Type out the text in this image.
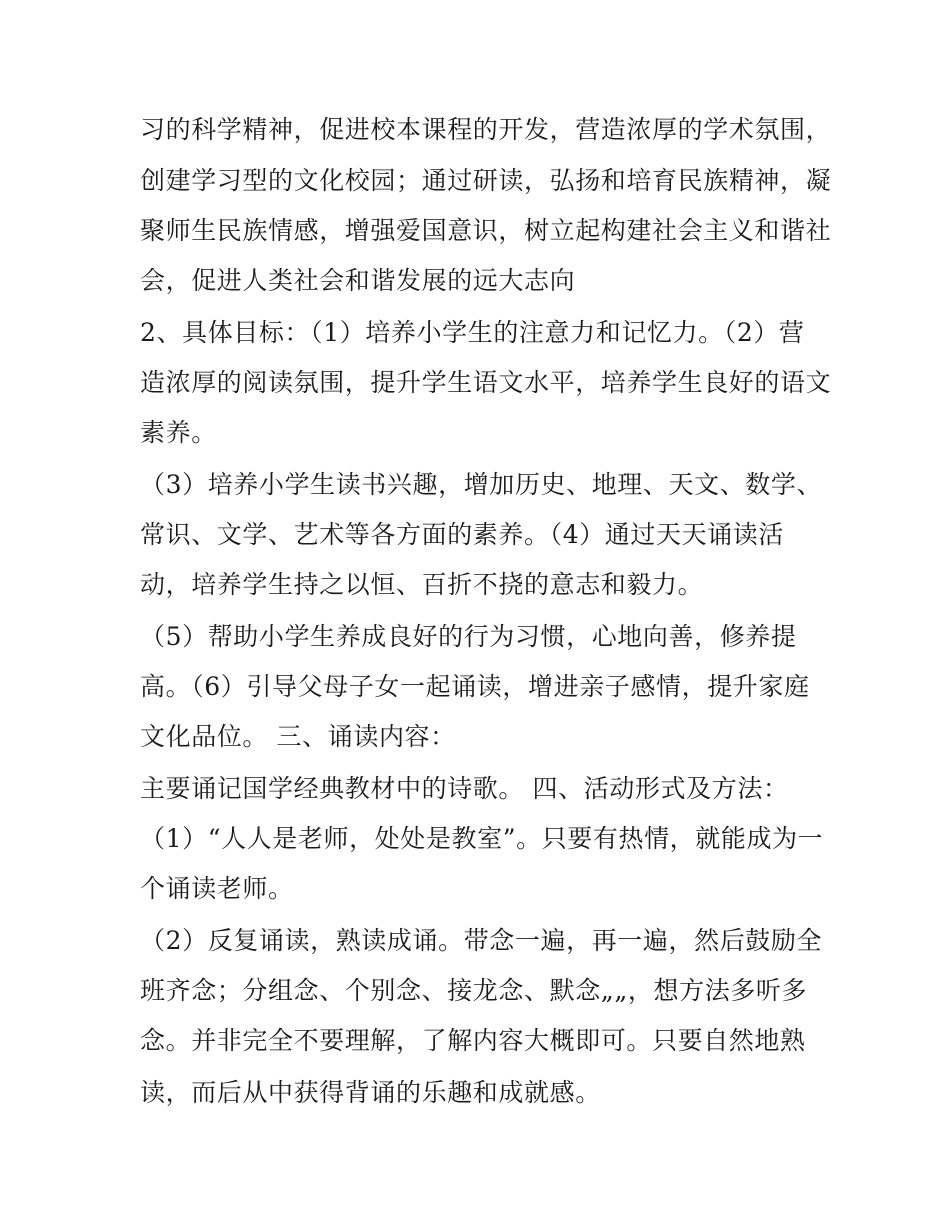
习的科学精神，促进校本课程的开发，营造浓厚的学术氛围，
创建学习型的文化校园；通过研读，弘扬和培育民族精神，凝
聚师生民族情感，增强爱国意识，树立起构建社会主义和谐社
会，促进人类社会和谐发展的远大志向
2、具体目标：（1）培养小学生的注意力和记忆力。（2）营
造浓厚的阅读氛围，提升学生语文水平，培养学生良好的语文
素养。
（3）培养小学生读书兴趣，增加历史、地理、天文、数学、
常识、文学、艺术等各方面的素养。（4）通过天天诵读活
动，培养学生持之以恒、百折不挠的意志和毅力。
（5）帮助小学生养成良好的行为习惯，心地向善，修养提
高。（6）引导父母子女一起诵读，增进亲子感情，提升家庭
文化品位。 三、诵读内容：
主要诵记国学经典教材中的诗歌。 四、活动形式及方法：
（1）“人人是老师，处处是教室”。只要有热情，就能成为一
个诵读老师。
（2）反复诵读，熟读成诵。带念一遍，再一遍，然后鼓励全
班齐念；分组念、个别念、接龙念、默念„„，想方法多听多
念。并非完全不要理解，了解内容大概即可。只要自然地熟
读，而后从中获得背诵的乐趣和成就感。
